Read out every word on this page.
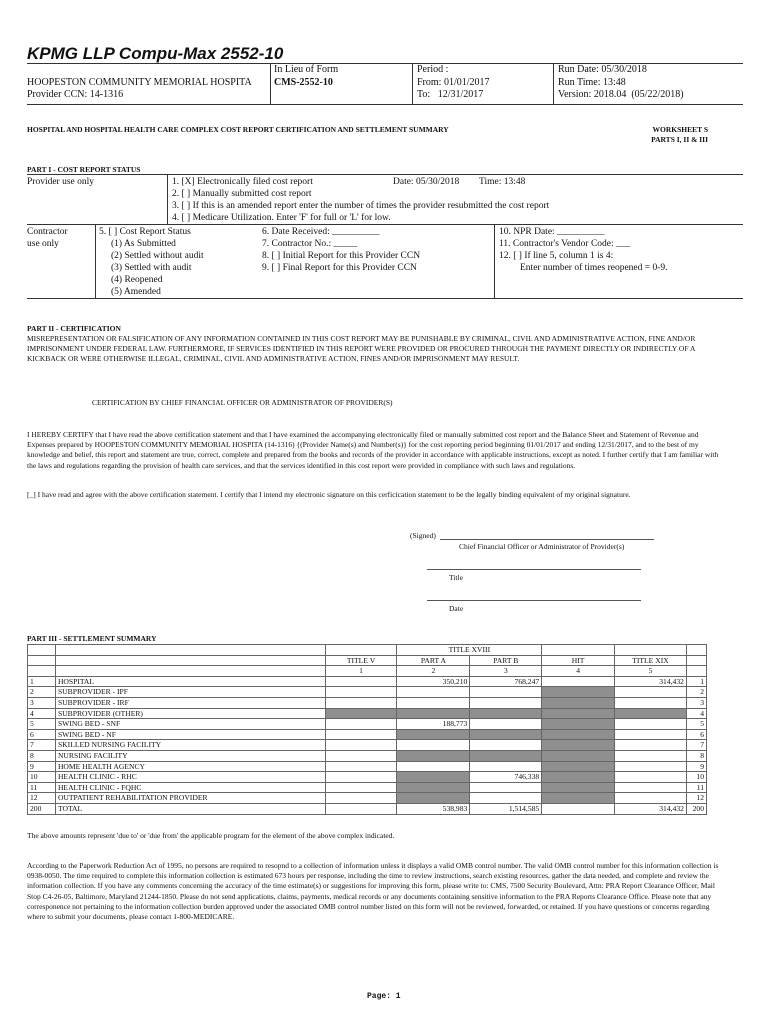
KPMG LLP Compu-Max 2552-10

HOOPESTON COMMUNITY MEMORIAL HOSPITA
Provider CCN: 14-1316
In Lieu of Form
CMS-2552-10
Period :
From: 01/01/2017
To:   12/31/2017
Run Date: 05/30/2018
Run Time: 13:48
Version: 2018.04  (05/22/2018)
HOSPITAL AND HOSPITAL HEALTH CARE COMPLEX COST REPORT CERTIFICATION AND SETTLEMENT SUMMARY	WORKSHEET S
PARTS I, II & III
PART I - COST REPORT STATUS
Provider use only	1. [X] Electronically filed cost report	Date: 05/30/2018 Time: 13:48
2. [ ] Manually submitted cost report
3. [ ] If this is an amended report enter the number of times the provider resubmitted the cost report
4. [ ] Medicare Utilization. Enter 'F' for full or 'L' for low.
Contractor
use only
5. [ ] Cost Report Status
(1) As Submitted
(2) Settled without audit
(3) Settled with audit
(4) Reopened
(5) Amended
6. Date Received: __________
7. Contractor No.: _____
8. [ ] Initial Report for this Provider CCN
9. [ ] Final Report for this Provider CCN
10. NPR Date: __________
11. Contractor's Vendor Code: ___
12. [ ] If line 5, column 1 is 4:
Enter number of times reopened = 0-9.
PART II - CERTIFICATION
MISREPRESENTATION OR FALSIFICATION OF ANY INFORMATION CONTAINED IN THIS COST REPORT MAY BE PUNISHABLE BY CRIMINAL, CIVIL AND ADMINISTRATIVE ACTION, FINE AND/OR IMPRISONMENT UNDER FEDERAL LAW. FURTHERMORE, IF SERVICES IDENTIFIED IN THIS REPORT WERE PROVIDED OR PROCURED THROUGH THE PAYMENT DIRECTLY OR INDIRECTLY OF A KICKBACK OR WERE OTHERWISE ILLEGAL, CRIMINAL, CIVIL AND ADMINISTRATIVE ACTION, FINES AND/OR IMPRISONMENT MAY RESULT.
CERTIFICATION BY CHIEF FINANCIAL OFFICER OR ADMINISTRATOR OF PROVIDER(S)
I HEREBY CERTIFY that I have read the above certification statement and that I have examined the accompanying electronically filed or manually submitted cost report and the Balance Sheet and Statement of Revenue and Expenses prepared by HOOPESTON COMMUNITY MEMORIAL HOSPITA (14-1316) {(Provider Name(s) and Number(s)} for the cost reporting period beginning 01/01/2017 and ending 12/31/2017, and to the best of my knowledge and belief, this report and statement are true, correct, complete and prepared from the books and records of the provider in accordance with applicable instructions, except as noted. I further certify that I am familiar with the laws and regulations regarding the provision of health care services, and that the services identified in this cost report were provided in compliance with such laws and regulations.
[_] I have read and agree with the above certification statement. I certify that I intend my electronic signature on this cerficication statement to be the legally binding equivalent of my original signature.
(Signed)
Chief Financial Officer or Administrator of Provider(s)
Title
Date
PART III - SETTLEMENT SUMMARY
			TITLE XVIII				
		TITLE V	PART A	PART B	HIT	TITLE XIX	
		1	2	3	4	5	
1	HOSPITAL		350,210	768,247		314,432	1
2	SUBPROVIDER - IPF						2
3	SUBPROVIDER - IRF						3
4	SUBPROVIDER (OTHER)						4
5	SWING BED - SNF		188,773				5
6	SWING BED - NF						6
7	SKILLED NURSING FACILITY						7
8	NURSING FACILITY						8
9	HOME HEALTH AGENCY						9
10	HEALTH CLINIC - RHC			746,338			10
11	HEALTH CLINIC - FQHC						11
12	OUTPATIENT REHABILITATION PROVIDER						12
200	TOTAL		538,983	1,514,585		314,432	200
The above amounts represent 'due to' or 'due from' the applicable program for the element of the above complex indicated.
According to the Paperwork Reduction Act of 1995, no persons are required to resopnd to a collection of information unless it displays a valid OMB control number. The valid OMB control number for this information collection is 0938-0050. The time required to complete this information collection is estimated 673 hours per response, including the time to review instructions, search existing resources, gather the data needed, and complete and review the information collection. If you have any comments concerning the accuracy of the time estimate(s) or suggestions for improving this form, please write to: CMS, 7500 Security Boulevard, Attn: PRA Report Clearance Officer, Mail Stop C4-26-05, Baltimore, Maryland 21244-1850. Please do not send applications, claims, payments, medical records or any documents containing sensitive information to the PRA Reports Clearance Office. Please note that any corresponence not pertaining to the information collection burden approved under the associated OMB control number listed on this form will not be reviewed, forwarded, or retained. If you have questions or concerns regarding where to submit your documents, please contact 1-800-MEDICARE.
Page: 1
